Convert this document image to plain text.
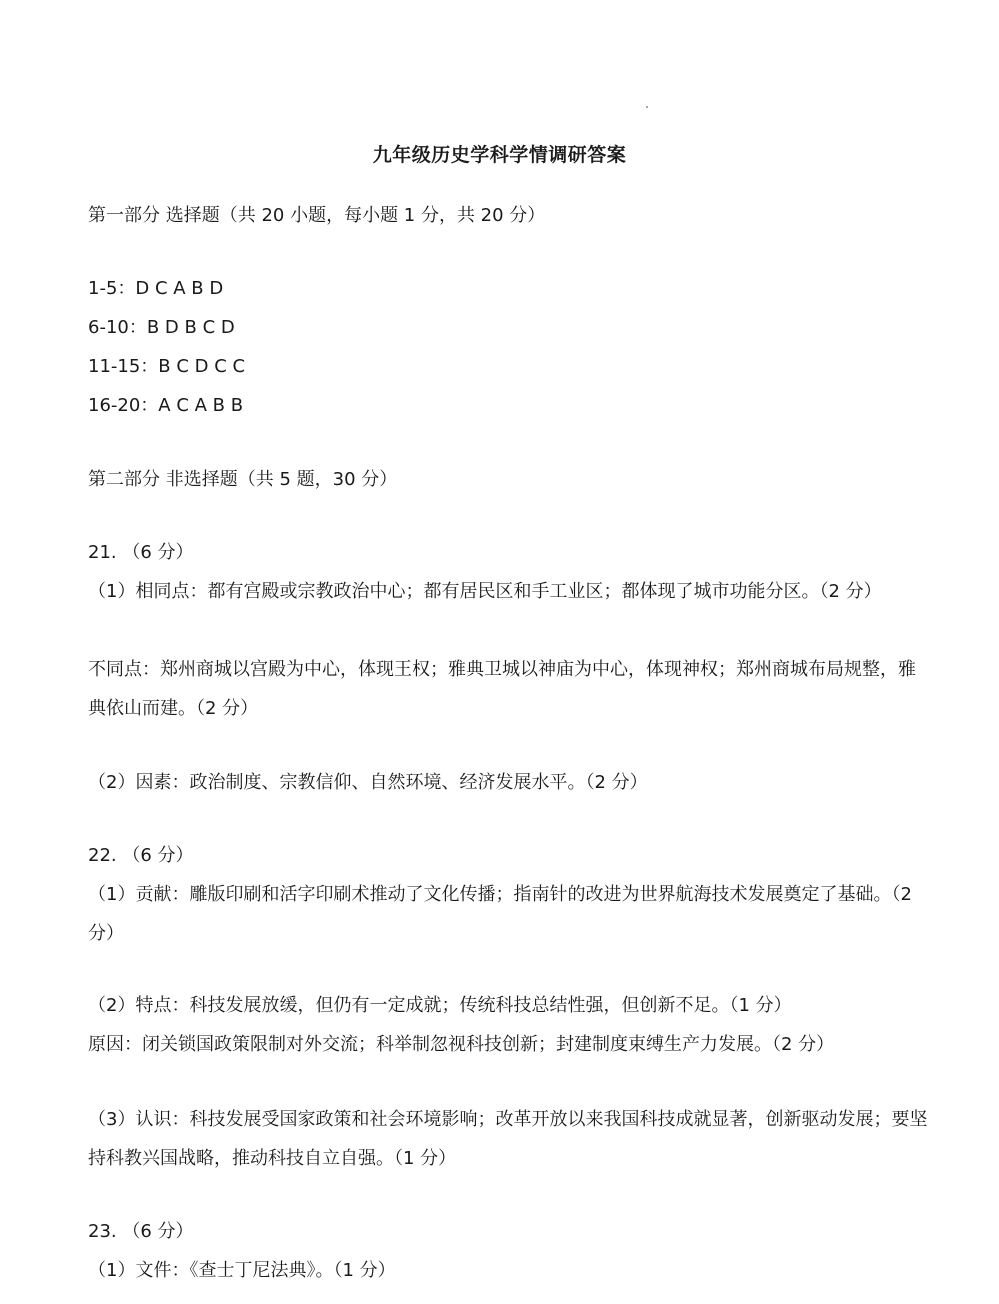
九年级历史学科学情调研答案
第一部分 选择题（共 20 小题，每小题 1 分，共 20 分）
1-5：D C A B D
6-10：B D B C D
11-15：B C D C C
16-20：A C A B B
第二部分 非选择题（共 5 题，30 分）
21. （6 分）
（1）相同点：都有宫殿或宗教政治中心；都有居民区和手工业区；都体现了城市功能分区。（2 分）
不同点：郑州商城以宫殿为中心，体现王权；雅典卫城以神庙为中心，体现神权；郑州商城布局规整，雅典依山而建。（2 分）
（2）因素：政治制度、宗教信仰、自然环境、经济发展水平。（2 分）
22. （6 分）
（1）贡献：雕版印刷和活字印刷术推动了文化传播；指南针的改进为世界航海技术发展奠定了基础。（2 分）
（2）特点：科技发展放缓，但仍有一定成就；传统科技总结性强，但创新不足。（1 分）
原因：闭关锁国政策限制对外交流；科举制忽视科技创新；封建制度束缚生产力发展。（2 分）
（3）认识：科技发展受国家政策和社会环境影响；改革开放以来我国科技成就显著，创新驱动发展；要坚持科教兴国战略，推动科技自立自强。（1 分）
23. （6 分）
（1）文件：《查士丁尼法典》。（1 分）
